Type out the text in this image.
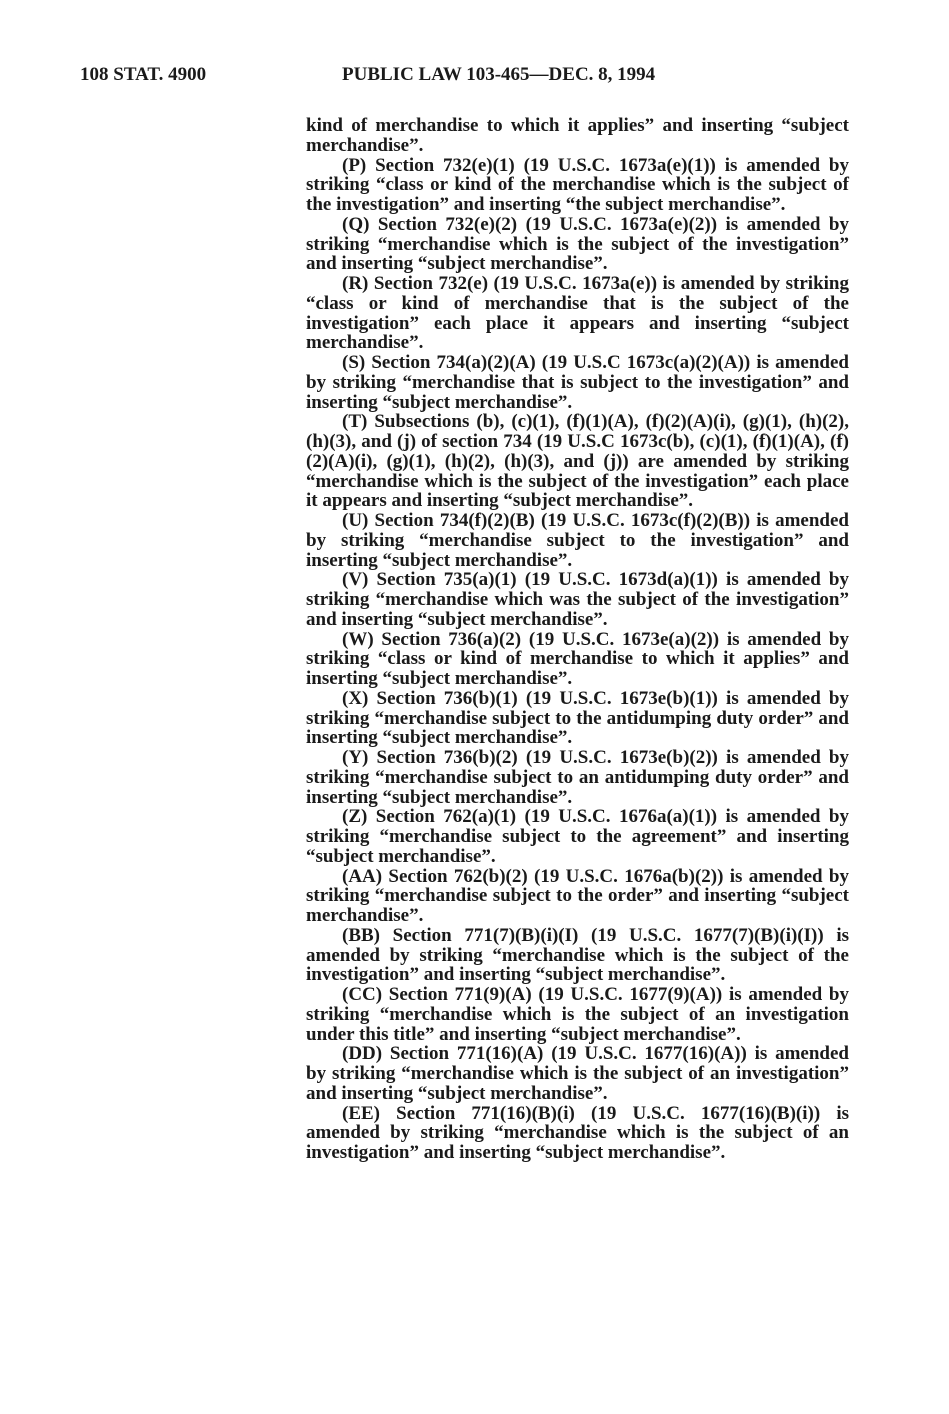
108 STAT. 4900	PUBLIC LAW 103-465—DEC. 8, 1994

kind of merchandise to which it applies” and inserting “subject merchandise”.

(P) Section 732(e)(1) (19 U.S.C. 1673a(e)(1)) is amended by striking “class or kind of the merchandise which is the subject of the investigation” and inserting “the subject merchandise”.

(Q) Section 732(e)(2) (19 U.S.C. 1673a(e)(2)) is amended by striking “merchandise which is the subject of the investigation” and inserting “subject merchandise”.

(R) Section 732(e) (19 U.S.C. 1673a(e)) is amended by striking “class or kind of merchandise that is the subject of the investigation” each place it appears and inserting “subject merchandise”.

(S) Section 734(a)(2)(A) (19 U.S.C 1673c(a)(2)(A)) is amended by striking “merchandise that is subject to the investigation” and inserting “subject merchandise”.

(T) Subsections (b), (c)(1), (f)(1)(A), (f)(2)(A)(i), (g)(1), (h)(2), (h)(3), and (j) of section 734 (19 U.S.C 1673c(b), (c)(1), (f)(1)(A), (f)(2)(A)(i), (g)(1), (h)(2), (h)(3), and (j)) are amended by striking “merchandise which is the subject of the investigation” each place it appears and inserting “subject merchandise”.

(U) Section 734(f)(2)(B) (19 U.S.C. 1673c(f)(2)(B)) is amended by striking “merchandise subject to the investigation” and inserting “subject merchandise”.

(V) Section 735(a)(1) (19 U.S.C. 1673d(a)(1)) is amended by striking “merchandise which was the subject of the investigation” and inserting “subject merchandise”.

(W) Section 736(a)(2) (19 U.S.C. 1673e(a)(2)) is amended by striking “class or kind of merchandise to which it applies” and inserting “subject merchandise”.

(X) Section 736(b)(1) (19 U.S.C. 1673e(b)(1)) is amended by striking “merchandise subject to the antidumping duty order” and inserting “subject merchandise”.

(Y) Section 736(b)(2) (19 U.S.C. 1673e(b)(2)) is amended by striking “merchandise subject to an antidumping duty order” and inserting “subject merchandise”.

(Z) Section 762(a)(1) (19 U.S.C. 1676a(a)(1)) is amended by striking “merchandise subject to the agreement” and inserting “subject merchandise”.

(AA) Section 762(b)(2) (19 U.S.C. 1676a(b)(2)) is amended by striking “merchandise subject to the order” and inserting “subject merchandise”.

(BB) Section 771(7)(B)(i)(I) (19 U.S.C. 1677(7)(B)(i)(I)) is amended by striking “merchandise which is the subject of the investigation” and inserting “subject merchandise”.

(CC) Section 771(9)(A) (19 U.S.C. 1677(9)(A)) is amended by striking “merchandise which is the subject of an investigation under this title” and inserting “subject merchandise”.

(DD) Section 771(16)(A) (19 U.S.C. 1677(16)(A)) is amended by striking “merchandise which is the subject of an investigation” and inserting “subject merchandise”.

(EE) Section 771(16)(B)(i) (19 U.S.C. 1677(16)(B)(i)) is amended by striking “merchandise which is the subject of an investigation” and inserting “subject merchandise”.
